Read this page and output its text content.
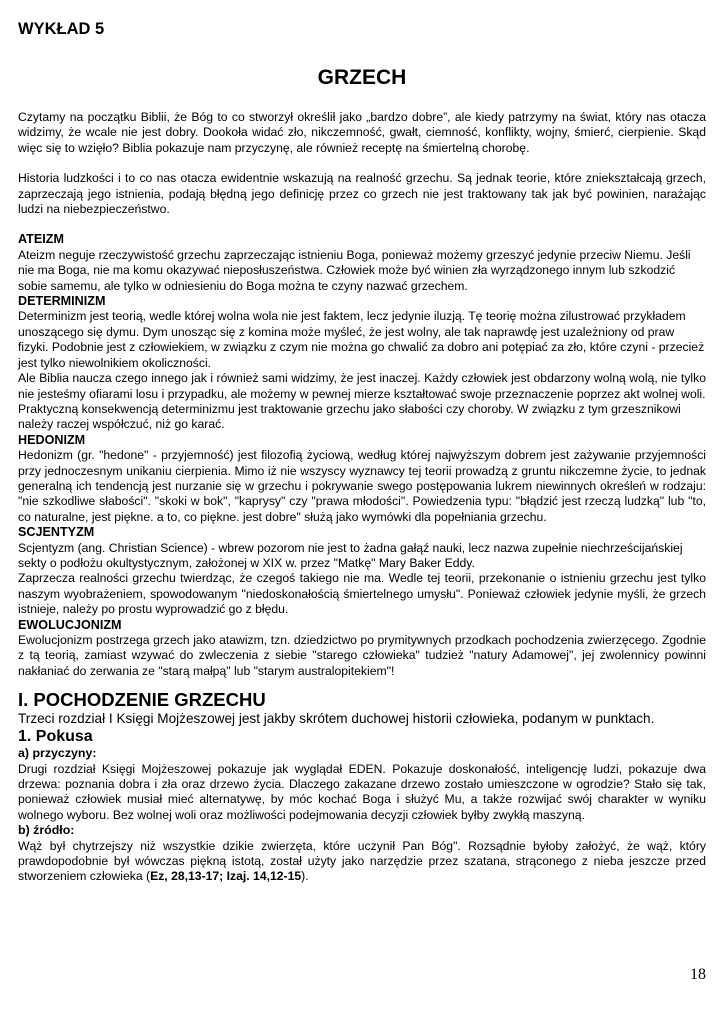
WYKŁAD 5
GRZECH

Czytamy na początku Biblii, że Bóg to co stworzył określił jako „bardzo dobre”, ale kiedy patrzymy na świat, który nas otacza widzimy, że wcale nie jest dobry. Dookoła widać zło, nikczemność, gwałt, ciemność, konflikty, wojny, śmierć, cierpienie. Skąd więc się to wzięło? Biblia pokazuje nam przyczynę, ale również receptę na śmiertelną chorobę.

Historia ludzkości i to co nas otacza ewidentnie wskazują na realność grzechu. Są jednak teorie, które zniekształcają grzech, zaprzeczają jego istnienia, podają błędną jego definicję przez co grzech nie jest traktowany tak jak być powinien, narażając ludzi na niebezpieczeństwo.

ATEIZM

Ateizm neguje rzeczywistość grzechu zaprzeczając istnieniu Boga, ponieważ możemy grzeszyć jedynie przeciw Niemu. Jeśli nie ma Boga, nie ma komu okazywać nieposłuszeństwa. Człowiek może być winien zła wyrządzonego innym lub szkodzić sobie samemu, ale tylko w odniesieniu do Boga można te czyny nazwać grzechem.

DETERMINIZM

Determinizm jest teorią, wedle której wolna wola nie jest faktem, lecz jedynie iluzją. Tę teorię można zilustrować przykładem unoszącego się dymu. Dym unosząc się z komina może myśleć, że jest wolny, ale tak naprawdę jest uzależniony od praw fizyki. Podobnie jest z człowiekiem, w związku z czym nie można go chwalić za dobro ani potępiać za zło, które czyni - przecież jest tylko niewolnikiem okoliczności.

Ale Biblia naucza czego innego jak i również sami widzimy, że jest inaczej. Każdy człowiek jest obdarzony wolną wolą, nie tylko nie jesteśmy ofiarami losu i przypadku, ale możemy w pewnej mierze kształtować swoje przeznaczenie poprzez akt wolnej woli.

Praktyczną konsekwencją determinizmu jest traktowanie grzechu jako słabości czy choroby. W związku z tym grzesznikowi należy raczej współczuć, niż go karać.

HEDONIZM

Hedonizm (gr. "hedone" - przyjemność) jest filozofią życiową, według której najwyższym dobrem jest zażywanie przyjemności przy jednoczesnym unikaniu cierpienia. Mimo iż nie wszyscy wyznawcy tej teorii prowadzą z gruntu nikczemne życie, to jednak generalną ich tendencją jest nurzanie się w grzechu i pokrywanie swego postępowania lukrem niewinnych określeń w rodzaju: "nie szkodliwe słabości". "skoki w bok", "kaprysy" czy "prawa młodości". Powiedzenia typu: "błądzić jest rzeczą ludzką" lub "to, co naturalne, jest piękne. a to, co piękne. jest dobre" służą jako wymówki dla popełniania grzechu.

SCJENTYZM

Scjentyzm (ang. Christian Science) - wbrew pozorom nie jest to żadna gałąź nauki, lecz nazwa zupełnie niechrześcijańskiej sekty o podłożu okultystycznym, założonej w XIX w. przez "Matkę" Mary Baker Eddy.

Zaprzecza realności grzechu twierdząc, że czegoś takiego nie ma. Wedle tej teorii, przekonanie o istnieniu grzechu jest tylko naszym wyobrażeniem, spowodowanym "niedoskonałością śmiertelnego umysłu". Ponieważ człowiek jedynie myśli, że grzech istnieje, należy po prostu wyprowadzić go z błędu.

EWOLUCJONIZM

Ewolucjonizm postrzega grzech jako atawizm, tzn. dziedzictwo po prymitywnych przodkach pochodzenia zwierzęcego. Zgodnie z tą teorią, zamiast wzywać do zwleczenia z siebie "starego człowieka" tudzież "natury Adamowej", jej zwolennicy powinni nakłaniać do zerwania ze "starą małpą" lub "starym australopitekiem"!

I. POCHODZENIE GRZECHU

Trzeci rozdział I Księgi Mojżeszowej jest jakby skrótem duchowej historii człowieka, podanym w punktach.

1. Pokusa
a) przyczyny:

Drugi rozdział Księgi Mojżeszowej pokazuje jak wyglądał EDEN. Pokazuje doskonałość, inteligencję ludzi, pokazuje dwa drzewa: poznania dobra i zła oraz drzewo życia. Dlaczego zakazane drzewo zostało umieszczone w ogrodzie? Stało się tak, ponieważ człowiek musiał mieć alternatywę, by móc kochać Boga i służyć Mu, a także rozwijać swój charakter w wyniku wolnego wyboru. Bez wolnej woli oraz możliwości podejmowania decyzji człowiek byłby zwykłą maszyną.

b) źródło:

Wąż był chytrzejszy niż wszystkie dzikie zwierzęta, które uczynił Pan Bóg". Rozsądnie byłoby założyć, że wąż, który prawdopodobnie był wówczas piękną istotą, został użyty jako narzędzie przez szatana, strąconego z nieba jeszcze przed stworzeniem człowieka (Ez, 28,13-17; Izaj. 14,12-15).

18
